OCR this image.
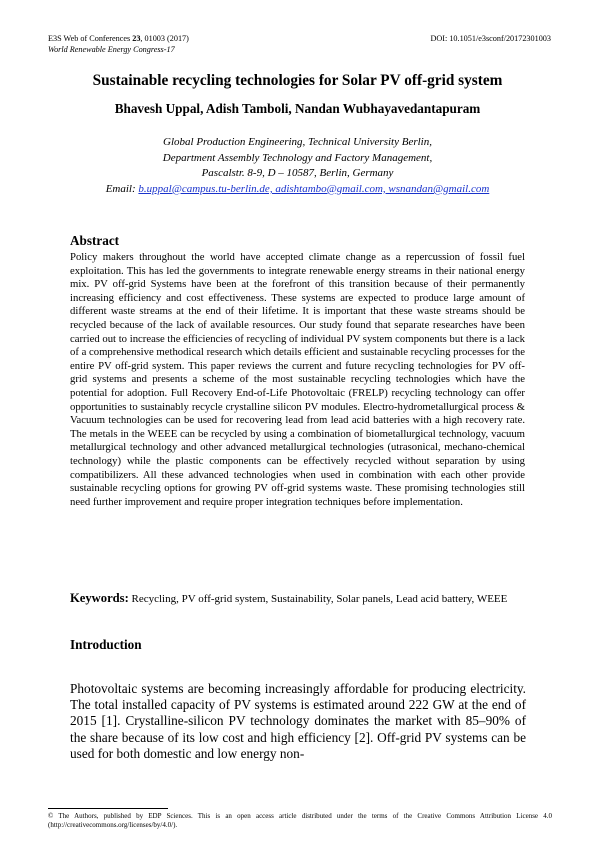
E3S Web of Conferences 23, 01003 (2017)
World Renewable Energy Congress-17
DOI: 10.1051/e3sconf/20172301003
Sustainable recycling technologies for Solar PV off-grid system
Bhavesh Uppal, Adish Tamboli, Nandan Wubhayavedantapuram
Global Production Engineering, Technical University Berlin,
Department Assembly Technology and Factory Management,
Pascalstr. 8-9, D – 10587, Berlin, Germany
Email: b.uppal@campus.tu-berlin.de, adishtambo@gmail.com, wsnandan@gmail.com
Abstract
Policy makers throughout the world have accepted climate change as a repercussion of fossil fuel exploitation. This has led the governments to integrate renewable energy streams in their national energy mix. PV off-grid Systems have been at the forefront of this transition because of their permanently increasing efficiency and cost effectiveness. These systems are expected to produce large amount of different waste streams at the end of their lifetime. It is important that these waste streams should be recycled because of the lack of available resources. Our study found that separate researches have been carried out to increase the efficiencies of recycling of individual PV system components but there is a lack of a comprehensive methodical research which details efficient and sustainable recycling processes for the entire PV off-grid system. This paper reviews the current and future recycling technologies for PV off-grid systems and presents a scheme of the most sustainable recycling technologies which have the potential for adoption. Full Recovery End-of-Life Photovoltaic (FRELP) recycling technology can offer opportunities to sustainably recycle crystalline silicon PV modules. Electro-hydrometallurgical process & Vacuum technologies can be used for recovering lead from lead acid batteries with a high recovery rate. The metals in the WEEE can be recycled by using a combination of biometallurgical technology, vacuum metallurgical technology and other advanced metallurgical technologies (utrasonical, mechano-chemical technology) while the plastic components can be effectively recycled without separation by using compatibilizers. All these advanced technologies when used in combination with each other provide sustainable recycling options for growing PV off-grid systems waste. These promising technologies still need further improvement and require proper integration techniques before implementation.
Keywords: Recycling, PV off-grid system, Sustainability, Solar panels, Lead acid battery, WEEE
Introduction
Photovoltaic systems are becoming increasingly affordable for producing electricity. The total installed capacity of PV systems is estimated around 222 GW at the end of 2015 [1]. Crystalline-silicon PV technology dominates the market with 85–90% of the share because of its low cost and high efficiency [2]. Off-grid PV systems can be used for both domestic and low energy non-
© The Authors, published by EDP Sciences. This is an open access article distributed under the terms of the Creative Commons Attribution License 4.0 (http://creativecommons.org/licenses/by/4.0/).
